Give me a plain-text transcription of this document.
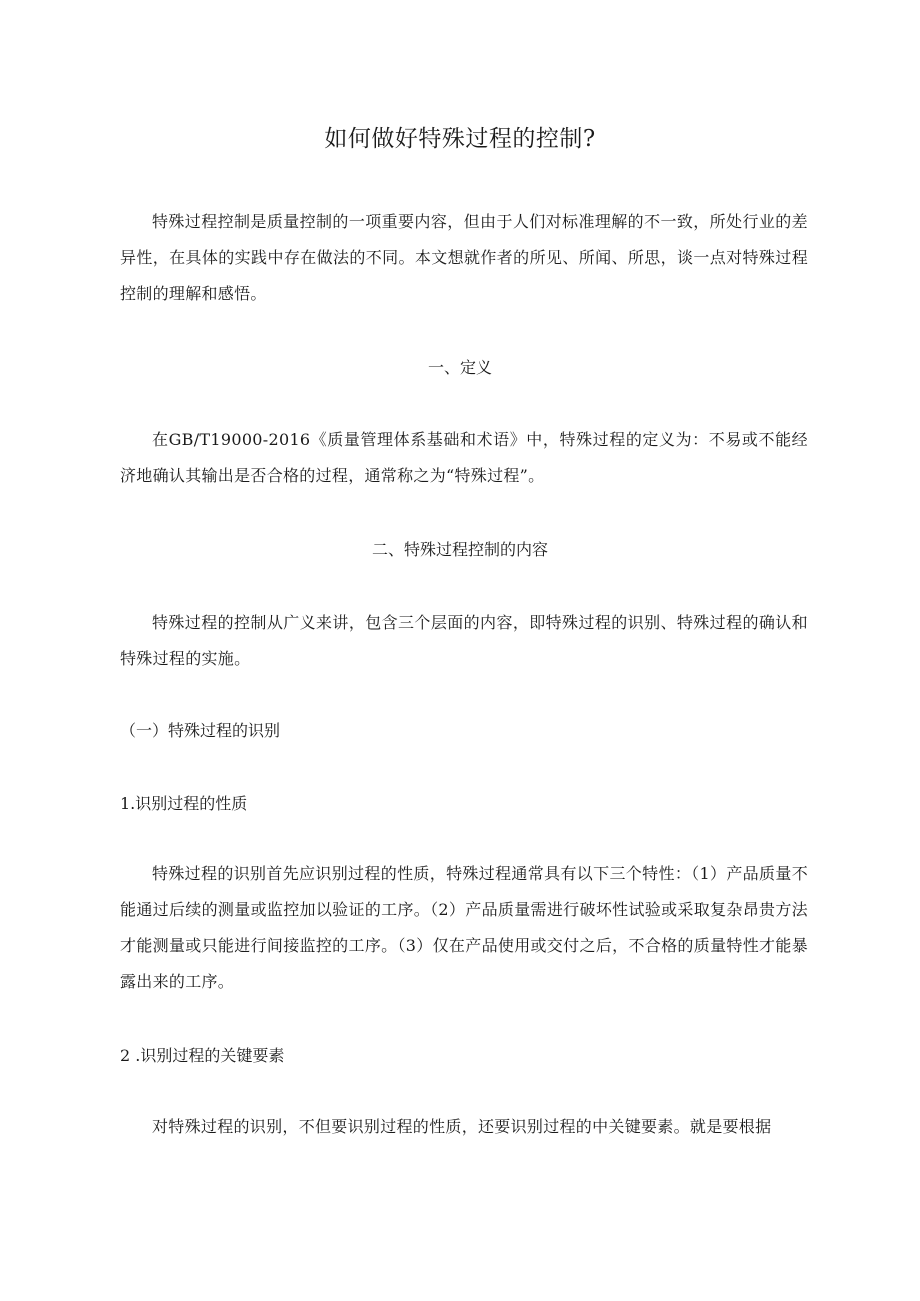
如何做好特殊过程的控制?

特殊过程控制是质量控制的一项重要内容，但由于人们对标准理解的不一致，所处行业的差异性，在具体的实践中存在做法的不同。本文想就作者的所见、所闻、所思，谈一点对特殊过程控制的理解和感悟。

一、定义

在GB/T19000-2016《质量管理体系基础和术语》中，特殊过程的定义为：不易或不能经济地确认其输出是否合格的过程，通常称之为“特殊过程”。

二、特殊过程控制的内容

特殊过程的控制从广义来讲，包含三个层面的内容，即特殊过程的识别、特殊过程的确认和特殊过程的实施。

（一）特殊过程的识别
1.识别过程的性质

特殊过程的识别首先应识别过程的性质，特殊过程通常具有以下三个特性：（1）产品质量不能通过后续的测量或监控加以验证的工序。（2）产品质量需进行破坏性试验或采取复杂昂贵方法才能测量或只能进行间接监控的工序。（3）仅在产品使用或交付之后，不合格的质量特性才能暴露出来的工序。

2 .识别过程的关键要素

对特殊过程的识别，不但要识别过程的性质，还要识别过程的中关键要素。就是要根据
